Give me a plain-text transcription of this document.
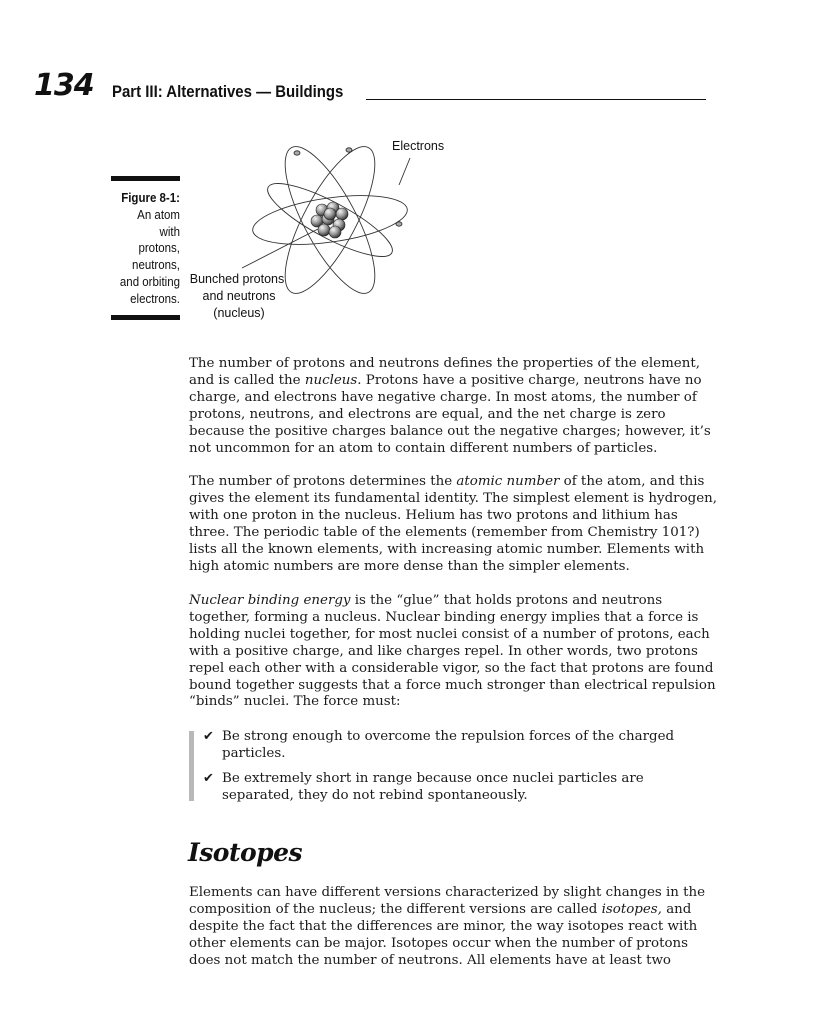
134 Part III: Alternatives — Buildings
Figure 8-1:
An atom
with
protons,
neutrons,
and orbiting
electrons.
Electrons
Bunched protons
and neutrons
(nucleus)

The number of protons and neutrons defines the properties of the element, and is called the nucleus. Protons have a positive charge, neutrons have no charge, and electrons have negative charge. In most atoms, the number of protons, neutrons, and electrons are equal, and the net charge is zero because the positive charges balance out the negative charges; however, it’s not uncommon for an atom to contain different numbers of particles.

The number of protons determines the atomic number of the atom, and this gives the element its fundamental identity. The simplest element is hydrogen, with one proton in the nucleus. Helium has two protons and lithium has three. The periodic table of the elements (remember from Chemistry 101?) lists all the known elements, with increasing atomic number. Elements with high atomic numbers are more dense than the simpler elements.

Nuclear binding energy is the “glue” that holds protons and neutrons together, forming a nucleus. Nuclear binding energy implies that a force is holding nuclei together, for most nuclei consist of a number of protons, each with a positive charge, and like charges repel. In other words, two protons repel each other with a considerable vigor, so the fact that protons are found bound together suggests that a force much stronger than electrical repulsion “binds” nuclei. The force must:

✔ Be strong enough to overcome the repulsion forces of the charged particles.
✔ Be extremely short in range because once nuclei particles are separated, they do not rebind spontaneously.
Isotopes

Elements can have different versions characterized by slight changes in the composition of the nucleus; the different versions are called isotopes, and despite the fact that the differences are minor, the way isotopes react with other elements can be major. Isotopes occur when the number of protons does not match the number of neutrons. All elements have at least two
